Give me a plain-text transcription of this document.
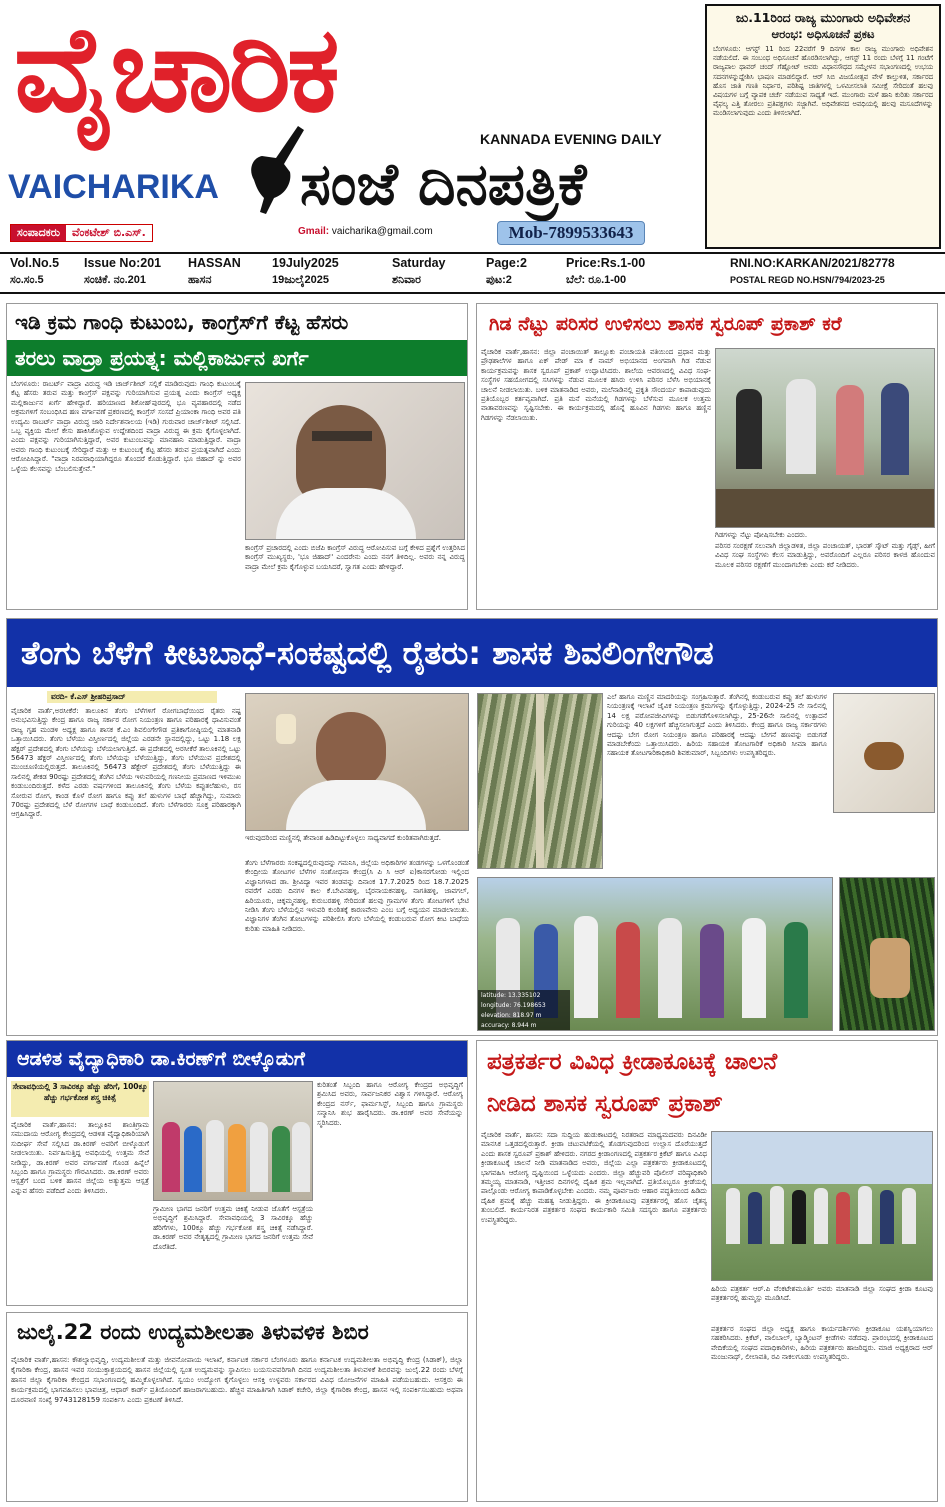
ವೈಚಾರಿಕ
KANNADA EVENING DAILY
VAICHARIKA ಸಂಜೆ ದಿನಪತ್ರಿಕೆ
ಸಂಪಾದಕರು	ವೆಂಕಟೇಶ್ ಬಿ.ಎಸ್.	Gmail: vaicharika@gmail.com	Mob-7899533643
ಜು.11ರಿಂದ ರಾಜ್ಯ ಮುಂಗಾರು ಅಧಿವೇಶನ
ಆರಂಭ: ಅಧಿಸೂಚನೆ ಪ್ರಕಟ
ಬೆಂಗಳೂರು: ಆಗಸ್ಟ್ 11 ರಿಂದ 22ವರೆಗೆ 9 ದಿನಗಳ ಕಾಲ ರಾಜ್ಯ ಮುಂಗಾರು ಅಧಿವೇಶನ ನಡೆಯಲಿದೆ. ಈ ಸಂಬಂಧ ಅಧಿಸೂಚನೆ ಹೊರಡಿಸಲಾಗಿದ್ದು, ಆಗಸ್ಟ್ 11 ರಂದು ಬೆಳಗ್ಗೆ 11 ಗಂಟೆಗೆ ರಾಜ್ಯಪಾಲ ಥಾವರ್ ಚಂದ್ ಗೆಹ್ಲೋಟ್ ಅವರು ವಿಧಾನಸೌಧದ ಸಮ್ಮೇಳನ ಸಭಾಂಗಣದಲ್ಲಿ ಉಭಯ ಸದನಗಳನ್ನುದ್ದೇಶಿಸಿ ಭಾಷಣ ಮಾಡಲಿದ್ದಾರೆ. ಆರ್ ಸಿಬಿ ವಿಜಯೋತ್ಸವ ವೇಳೆ ಕಾಲ್ತುಳಿತ, ಸರ್ಕಾರದ ಹೊಸ ಜಾತಿ ಗಣತಿ ನಿರ್ಧಾರ, ಪರಿಶಿಷ್ಟ ಜಾತಿಗಳಲ್ಲಿ ಒಳಮೀಸಲಾತಿ ಸಮೀಕ್ಷೆ ಸೇರಿದಂತೆ ಹಲವು ವಿಷಯಗಳ ಬಗ್ಗೆ ವ್ಯಾಪಕ ಚರ್ಚೆ ನಡೆಯುವ ಸಾಧ್ಯತೆ ಇದೆ. ಮುಂಗಾರು ಮಳೆ ಹಾನಿ ಕುರಿತು ಸರ್ಕಾರದ ವೈಫಲ್ಯ ಎತ್ತಿ ತೋರಲು ಪ್ರತಿಪಕ್ಷಗಳು ಸಜ್ಜಾಗಿವೆ. ಅಧಿವೇಶನದ ಅವಧಿಯಲ್ಲಿ ಹಲವು ಮಸೂದೆಗಳನ್ನು ಮಂಡಿಸಲಾಗುವುದು ಎಂದು ತಿಳಿಸಲಾಗಿದೆ.
Vol.No.5 Issue No:201 HASSAN 19July2025	Saturday	Page:2	Price:Rs.1-00	RNI.NO:KARKAN/2021/82778
ಸಂ.ಸಂ.5	ಸಂಚಿಕೆ. ನಂ.201	ಹಾಸನ	19ಜುಲೈ2025	ಶನಿವಾರ	ಪುಟ:2	ಬೆಲೆ: ರೂ.1-00	POSTAL REGD NO.HSN/794/2023-25
ಇಡಿ ಕ್ರಮ ಗಾಂಧಿ ಕುಟುಂಬ, ಕಾಂಗ್ರೆಸ್‌ಗೆ ಕೆಟ್ಟ ಹೆಸರು
ತರಲು ವಾದ್ರಾ ಪ್ರಯತ್ನ: ಮಲ್ಲಿಕಾರ್ಜುನ ಖರ್ಗೆ
ಬೆಂಗಳೂರು: ರಾಬರ್ಟ್ ವಾದ್ರಾ ವಿರುದ್ಧ ಇಡಿ ಚಾರ್ಜ್‌ಶೀಟ್ ಸಲ್ಲಿಕೆ ಮಾಡಿರುವುದು ಗಾಂಧಿ ಕುಟುಂಬಕ್ಕೆ ಕೆಟ್ಟ ಹೆಸರು ತರುವ ಮತ್ತು ಕಾಂಗ್ರೆಸ್ ಪಕ್ಷವನ್ನು ಗುರಿಯಾಗಿಸುವ ಪ್ರಯತ್ನ ಎಂದು ಕಾಂಗ್ರೆಸ್ ಅಧ್ಯಕ್ಷ ಮಲ್ಲಿಕಾರ್ಜುನ ಖರ್ಗೆ ಹೇಳಿದ್ದಾರೆ. ಹರಿಯಾಣದ ಶಿಕೋಹ್‌ಪುರದಲ್ಲಿ ಭೂ ವ್ಯವಹಾರದಲ್ಲಿ ನಡೆದ ಅಕ್ರಮಗಳಿಗೆ ಸಂಬಂಧಿಸಿದ ಹಣ ವರ್ಗಾವಣೆ ಪ್ರಕರಣದಲ್ಲಿ ಕಾಂಗ್ರೆಸ್ ಸಂಸದೆ ಪ್ರಿಯಾಂಕಾ ಗಾಂಧಿ ಅವರ ಪತಿ ಉದ್ಯಮಿ ರಾಬರ್ಟ್ ವಾದ್ರಾ ವಿರುದ್ಧ ಜಾರಿ ನಿರ್ದೇಶನಾಲಯ (ಇಡಿ) ಗುರುವಾರ ಚಾರ್ಜ್‌ಶೀಟ್ ಸಲ್ಲಿಸಿದೆ. ಒಬ್ಬ ವ್ಯಕ್ತಿಯ ಮೇಲೆ ಕೇಸು ಹಾಕಿಸಿಕೊಳ್ಳುವ ಉದ್ದೇಶದಿಂದ ವಾದ್ರಾ ವಿರುದ್ಧ ಈ ಕ್ರಮ ಕೈಗೊಳ್ಳಲಾಗಿದೆ. ಎಂದು ಪಕ್ಷವನ್ನು ಗುರಿಯಾಗಿಸುತ್ತಿದ್ದಾರೆ, ಅವರ ಕುಟುಂಬವನ್ನು ಮಾನಹಾನಿ ಮಾಡುತ್ತಿದ್ದಾರೆ. ವಾದ್ರಾ ಅವರು ಗಾಂಧಿ ಕುಟುಂಬಕ್ಕೆ ಸೇರಿದ್ದಾರೆ ಮತ್ತು ಆ ಕುಟುಂಬಕ್ಕೆ ಕೆಟ್ಟ ಹೆಸರು ತರುವ ಪ್ರಯತ್ನವಾಗಿದೆ ಎಂದು ಆರೋಪಿಸಿದ್ದಾರೆ. "ವಾದ್ರಾ ನಿರಪರಾಧಿಯಾಗಿದ್ದರೂ ತೊಂದರೆ ಕೊಡುತ್ತಿದ್ದಾರೆ. ಭೂ ಜಿಹಾದ್ ನ್ನು ಅವರ ಒಳ್ಳೆಯ ಕೆಲಸವನ್ನು ಬೆಂಬಲಿಸುತ್ತೇವೆ."
ಕಾಂಗ್ರೆಸ್ ಪ್ರಚಾರದಲ್ಲಿ ಎಂದು ಬಿಜೆಪಿ ಕಾಂಗ್ರೆಸ್ ವಿರುದ್ಧ ಆರೋಪಿಸುವ ಬಗ್ಗೆ ಕೇಳಿದ ಪ್ರಶ್ನೆಗೆ ಉತ್ತರಿಸಿದ ಕಾಂಗ್ರೆಸ್ ಮುಖ್ಯಸ್ಥರು, 'ಭೂ ಜಿಹಾದ್' ಎಂದರೇನು ಎಂದು ನನಗೆ ತಿಳಿದಿಲ್ಲ. ಅವರು ನನ್ನ ವಿರುದ್ಧ ವಾದ್ರಾ ಮೇಲೆ ಕ್ರಮ ಕೈಗೊಳ್ಳುವ ಬಯಸಿದರೆ, ಸ್ವಾಗತ ಎಂದು ಹೇಳಿದ್ದಾರೆ.
ಗಿಡ ನೆಟ್ಟು ಪರಿಸರ ಉಳಿಸಲು ಶಾಸಕ ಸ್ವರೂಪ್ ಪ್ರಕಾಶ್ ಕರೆ
ವೈಚಾರಿಕ ವಾರ್ತೆ,ಹಾಸನ: ಜಿಲ್ಲಾ ಪಂಚಾಯಿತ್ ತಾಲ್ಲೂಕು ಪಂಚಾಯತಿ ವತಿಯಿಂದ ಪ್ರಧಾನ ಮತ್ತು ಪ್ರೌಢಶಾಲೆಗಳ ಹಾಗೂ ಏಕ್ ಪೇಡ್ ಮಾ ಕೆ ನಾಮ್ ಅಭಿಯಾನದ ಅಂಗವಾಗಿ ಗಿಡ ನೆಡುವ ಕಾರ್ಯಕ್ರಮವನ್ನು ಶಾಸಕ ಸ್ವರೂಪ್ ಪ್ರಕಾಶ್ ಉದ್ಘಾಟಿಸಿದರು. ಶಾಲೆಯ ಆವರಣದಲ್ಲಿ ವಿವಿಧ ಸಂಘ-ಸಂಸ್ಥೆಗಳ ಸಹಯೋಗದಲ್ಲಿ ಸಸಿಗಳನ್ನು ನೆಡುವ ಮೂಲಕ ಹಸಿರು ಉಳಿಸಿ ಪರಿಸರ ಬೆಳೆಸಿ ಅಭಿಯಾನಕ್ಕೆ ಚಾಲನೆ ನೀಡಲಾಯಿತು. ಬಳಿಕ ಮಾತನಾಡಿದ ಅವರು, ಮಲೆನಾಡಿನಲ್ಲಿ ಪ್ರಕೃತಿ ಸೌಂದರ್ಯ ಕಾಪಾಡುವುದು ಪ್ರತಿಯೊಬ್ಬರ ಕರ್ತವ್ಯವಾಗಿದೆ. ಪ್ರತಿ ಮನೆ ಮನೆಯಲ್ಲಿ ಗಿಡಗಳನ್ನು ಬೆಳೆಸುವ ಮೂಲಕ ಉತ್ತಮ ವಾತಾವರಣವನ್ನು ಸೃಷ್ಟಿಸಬೇಕು. ಈ ಕಾರ್ಯಕ್ರಮದಲ್ಲಿ ಹೊನ್ನೆ ಹೂವಿನ ಗಿಡಗಳು ಹಾಗೂ ಹಣ್ಣಿನ ಗಿಡಗಳನ್ನು ನೆಡಲಾಯಿತು.
ಗಿಡಗಳನ್ನು ನೆಟ್ಟು ಪೋಷಿಸಬೇಕು ಎಂದರು.
ಪರಿಸರ ಸಂರಕ್ಷಣೆ ಸಲುವಾಗಿ ಜಿಲ್ಲಾಡಳಿತ, ಜಿಲ್ಲಾ ಪಂಚಾಯತ್, ಭಾರತ್ ಸ್ಕೌಟ್ ಮತ್ತು ಗೈಡ್ಸ್, ಹೀಗೆ ವಿವಿಧ ಸಂಘ ಸಂಸ್ಥೆಗಳು ಕೆಲಸ ಮಾಡುತ್ತಿದ್ದು, ಅವರೊಂದಿಗೆ ಎಲ್ಲರೂ ಪರಿಸರ ಕಾಳಜಿ ಹೊಂದುವ ಮೂಲಕ ಪರಿಸರ ರಕ್ಷಣೆಗೆ ಮುಂದಾಗಬೇಕು ಎಂದು ಕರೆ ನೀಡಿದರು.
ತೆಂಗು ಬೆಳೆಗೆ ಕೀಟಬಾಧೆ-ಸಂಕಷ್ಟದಲ್ಲಿ ರೈತರು: ಶಾಸಕ ಶಿವಲಿಂಗೇಗೌಡ
ವರದಿ- ಕೆ.ಎಸ್ ಶ್ರೀಹರಿಪ್ರಸಾದ್
ವೈಚಾರಿಕ ವಾರ್ತೆ,ಅರಸೀಕೆರೆ: ತಾಲೂಕಿನ ತೆಂಗು ಬೆಳೆಗಳಿಗೆ ರೋಗಬಾಧೆಯಿಂದ ರೈತರು ನಷ್ಟ ಅನುಭವಿಸುತ್ತಿದ್ದು ಕೇಂದ್ರ ಹಾಗೂ ರಾಜ್ಯ ಸರ್ಕಾರ ರೋಗ ನಿಯಂತ್ರಣ ಹಾಗೂ ಪರಿಹಾರಕ್ಕೆ ಧಾವಿಸುವಂತೆ ರಾಜ್ಯ ಗೃಹ ಮಂಡಳಿ ಅಧ್ಯಕ್ಷ ಹಾಗೂ ಶಾಸಕ ಕೆ.ಎಂ ಶಿವಲಿಂಗೇಗೌಡ ಪ್ರತಿಕಾಗೋಷ್ಠಿಯಲ್ಲಿ ಮಾತನಾಡಿ ಒತ್ತಾಯಿಸಿದರು. ತೆಂಗು ಬೆಳೆಯು ವಿಸ್ತೀರ್ಣದಲ್ಲಿ ಜಿಲ್ಲೆಯ ಎರಡನೇ ಸ್ಥಾನದಲ್ಲಿದ್ದು, ಒಟ್ಟು 1.18 ಲಕ್ಷ ಹೆಕ್ಟರ್ ಪ್ರದೇಶದಲ್ಲಿ ತೆಂಗು ಬೆಳೆಯನ್ನು ಬೆಳೆಯಲಾಗುತ್ತಿದೆ. ಈ ಪ್ರದೇಶದಲ್ಲಿ ಅರಸೀಕೆರೆ ತಾಲೂಕಿನಲ್ಲಿ ಒಟ್ಟು 56473 ಹೆಕ್ಟರ್ ವಿಸ್ತೀರ್ಣದಲ್ಲಿ ತೆಂಗು ಬೆಳೆಯನ್ನು ಬೆಳೆಯುತ್ತಿದ್ದು, ತೆಂಗು ಬೆಳೆಯುವ ಪ್ರದೇಶದಲ್ಲಿ ಮುಂಚೂಣಿಯಲ್ಲಿರುತ್ತದೆ. ತಾಲೂಕಿನಲ್ಲಿ 56473 ಹೆಕ್ಟೇರ್ ಪ್ರದೇಶದಲ್ಲಿ ತೆಂಗು ಬೆಳೆಯುತ್ತಿದ್ದು ಈ ಸಾಲಿನಲ್ಲಿ ಶೇಕಡ 90ರಷ್ಟು ಪ್ರದೇಶದಲ್ಲಿ ತೆಂಗಿನ ಬೆಳೆಯ ಇಳುವರಿಯಲ್ಲಿ ಗಣನೀಯ ಪ್ರಮಾಣದ ಇಳಿಮುಖ ಕಂಡುಬಂದಿರುತ್ತದೆ. ಕಳೆದ ಎರಡು ವರ್ಷಗಳಿಂದ ತಾಲೂಕಿನಲ್ಲಿ ತೆಂಗು ಬೆಳೆಯ ಕಪ್ಪುತಲೆಹುಳು, ರಸ ಸೋರುವ ರೋಗ, ಕಾಂಡ ಕೊಳೆ ರೋಗ ಹಾಗೂ ಕಪ್ಪು ತಲೆ ಹುಳುಗಳ ಬಾಧೆ ಹೆಚ್ಚಾಗಿದ್ದು, ಸುಮಾರು 70ರಷ್ಟು ಪ್ರದೇಶದಲ್ಲಿ ಬೆಳೆ ರೋಗಗಳ ಬಾಧೆ ಕಂಡುಬಂದಿದೆ. ತೆಂಗು ಬೆಳೆಗಾರರು ಸೂಕ್ತ ಪರಿಹಾರಕ್ಕಾಗಿ ಆಗ್ರಹಿಸಿದ್ದಾರೆ.
ಇರುವುದರಿಂದ ಮಣ್ಣಿನಲ್ಲಿ ತೇವಾಂಶ ಹಿಡಿದಿಟ್ಟುಕೊಳ್ಳಲು ಸಾಧ್ಯವಾಗದೆ ಕುಂಠಿತವಾಗಿರುತ್ತದೆ.
ತೆಂಗು ಬೆಳೆಗಾರರು ಸಂಕಷ್ಟದಲ್ಲಿರುವುದನ್ನು ಗಮನಿಸಿ, ಜಿಲ್ಲೆಯ ಅಧಿಕಾರಿಗಳ ತಂಡಗಳನ್ನು ಒಳಗೊಂಡಂತೆ ಕೇಂದ್ರೀಯ ತೋಟಗಳ ಬೆಳೆಗಳ ಸಂಶೋಧನಾ ಕೇಂದ್ರ(ಸಿ ಪಿ ಸಿ ಆರ್ ಐ)ಕಾಸರಗೋಡು ಇಲ್ಲಿಂದ ವಿಜ್ಞಾನಿಗಳಾದ ಡಾ. ಶ್ರೀವಿದ್ಯಾ ಇವರ ತಂಡವನ್ನು ದಿನಾಂಕ 17.7.2025 ರಿಂದ 18.7.2025 ರವರೆಗೆ ಎರಡು ದಿನಗಳ ಕಾಲ ಕೆ.ಬೇವಿನಹಳ್ಳಿ, ಬೈರನಾಯಕನಹಳ್ಳಿ, ನಾಗತಿಹಳ್ಳಿ, ಜಾವಗಲ್, ಹಿರಿಯೂರು, ಚಿಕ್ಕಮ್ಮನಹಳ್ಳಿ, ಕುರುಬರಹಳ್ಳಿ ಸೇರಿದಂತೆ ಹಲವು ಗ್ರಾಮಗಳ ತೆಂಗು ತೋಟಗಳಿಗೆ ಭೇಟಿ ನೀಡಿಸಿ ತೆಂಗು ಬೆಳೆಯಲ್ಲಿನ ಇಳುವರಿ ಕುಂಠಿತಕ್ಕೆ ಕಾರಣವೇನು ಎಂಬ ಬಗ್ಗೆ ಅಧ್ಯಯನ ಮಾಡಲಾಯಿತು. ವಿಜ್ಞಾನಿಗಳ ತೆಂಗಿನ ತೋಟಗಳನ್ನು ಪರಿಶೀಲಿಸಿ ತೆಂಗು ಬೆಳೆಯಲ್ಲಿ ಕಂಡುಬರುವ ರೋಗ ಕೀಟ ಬಾಧೆಯ ಕುರಿತು ಮಾಹಿತಿ ನೀಡಿದರು.
ಎಲೆ ಹಾಗೂ ಮಣ್ಣಿನ ಮಾದರಿಯನ್ನು ಸಂಗ್ರಹಿಸುತ್ತಾರೆ. ತೆಂಗಿನಲ್ಲಿ ಕಂಡುಬರುವ ಕಪ್ಪು ತಲೆ ಹುಳುಗಳ ನಿಯಂತ್ರಣಕ್ಕೆ ಇಲಾಖೆ ಜೈವಿಕ ನಿಯಂತ್ರಣ ಕ್ರಮಗಳನ್ನು ಕೈಗೊಳ್ಳುತ್ತಿದ್ದು, 2024-25 ನೇ ಸಾಲಿನಲ್ಲಿ 14 ಲಕ್ಷ ಪರೋಪಜೀವಿಗಳನ್ನು ಬಿಡುಗಡೆಗೊಳಿಸಲಾಗಿದ್ದು, 25-26ನೇ ಸಾಲಿನಲ್ಲಿ ಉತ್ಪಾದನೆ ಗುರಿಯನ್ನು 40 ಲಕ್ಷಗಳಿಗೆ ಹೆಚ್ಚಿಸಲಾಗುತ್ತದೆ ಎಂದು ತಿಳಿಸಿದರು. ಕೇಂದ್ರ ಹಾಗೂ ರಾಜ್ಯ ಸರ್ಕಾರಗಳು ಆದಷ್ಟು ಬೇಗ ರೋಗ ನಿಯಂತ್ರಣ ಹಾಗೂ ಪರಿಹಾರಕ್ಕೆ ಆದಷ್ಟು ಬೇಗನೆ ಹಣವನ್ನು ಬಿಡುಗಡೆ ಮಾಡಬೇಕೆಂದು ಒತ್ತಾಯಿಸಿದರು. ಹಿರಿಯ ಸಹಾಯಕ ತೋಟಗಾರಿಕೆ ಅಧಿಕಾರಿ ಸೀಮಾ ಹಾಗೂ ಸಹಾಯಕ ತೋಟಗಾರಿಕಾಧಿಕಾರಿ ಶಿವಕುಮಾರ್, ಸಿಬ್ಬಂದಿಗಳು ಉಪಸ್ಥಿತರಿದ್ದರು.
latitude: 13.335102
longitude: 76.198653
elevation: 818.97 m
accuracy: 8.944 m
ಆಡಳಿತ ವೈದ್ಯಾಧಿಕಾರಿ ಡಾ.ಕಿರಣ್‌ಗೆ ಬೀಳ್ಕೊಡುಗೆ
ಸೇವಾವಧಿಯಲ್ಲಿ 3 ಸಾವಿರಕ್ಕೂ ಹೆಚ್ಚು ಹೆರಿಗೆ, 100ಕ್ಕೂ ಹೆಚ್ಚು ಗರ್ಭಕೋಶ ಶಸ್ತ್ರ ಚಿಕಿತ್ಸೆ
ವೈಚಾರಿಕ ವಾರ್ತೆ,ಹಾಸನ: ತಾಲ್ಲೂಕಿನ ಶಾಂತಿಗ್ರಾಮ ಸಮುದಾಯ ಆರೋಗ್ಯ ಕೇಂದ್ರದಲ್ಲಿ ಆಡಳಿತ ವೈದ್ಯಾಧಿಕಾರಿಯಾಗಿ ಸುದೀರ್ಘ ಸೇವೆ ಸಲ್ಲಿಸಿದ ಡಾ.ಕಿರಣ್ ಅವರಿಗೆ ಬೀಳ್ಕೊಡುಗೆ ನೀಡಲಾಯಿತು. ನಿರ್ವಹಿಸುತ್ತಿದ್ದ ಅವಧಿಯಲ್ಲಿ ಉತ್ತಮ ಸೇವೆ ನೀಡಿದ್ದು, ಡಾ.ಕಿರಣ್ ಅವರ ವರ್ಗಾವಣೆ ಗೊಂಡ ಹಿನ್ನೆಲೆ ಸಿಬ್ಬಂದಿ ಹಾಗೂ ಗ್ರಾಮಸ್ಥರು ಗೌರವಿಸಿದರು. ಡಾ.ಕಿರಣ್ ಅವರು ಆಸ್ಪತ್ರೆಗೆ ಬಂದ ಬಳಿಕ ಹಾಸನ ಜಿಲ್ಲೆಯ ಅತ್ಯುತ್ತಮ ಆಸ್ಪತ್ರೆ ಎನ್ನುವ ಹೆಸರು ಪಡೆದಿದೆ ಎಂದು ತಿಳಿಸಿದರು.
ಗ್ರಾಮೀಣ ಭಾಗದ ಜನರಿಗೆ ಉತ್ತಮ ಚಿಕಿತ್ಸೆ ನೀಡುವ ಜೊತೆಗೆ ಆಸ್ಪತ್ರೆಯ ಅಭಿವೃದ್ಧಿಗೆ ಶ್ರಮಿಸಿದ್ದಾರೆ. ಸೇವಾವಧಿಯಲ್ಲಿ 3 ಸಾವಿರಕ್ಕೂ ಹೆಚ್ಚು ಹೆರಿಗೆಗಳು, 100ಕ್ಕೂ ಹೆಚ್ಚು ಗರ್ಭಕೋಶ ಶಸ್ತ್ರ ಚಿಕಿತ್ಸೆ ನಡೆಸಿದ್ದಾರೆ. ಡಾ.ಕಿರಣ್ ಅವರ ನೇತೃತ್ವದಲ್ಲಿ ಗ್ರಾಮೀಣ ಭಾಗದ ಜನರಿಗೆ ಉತ್ತಮ ಸೇವೆ ದೊರೆತಿದೆ.
ಕುರಿತಂತೆ ಸಿಬ್ಬಂದಿ ಹಾಗೂ ಆರೋಗ್ಯ ಕೇಂದ್ರದ ಅಭಿವೃದ್ಧಿಗೆ ಶ್ರಮಿಸಿದ ಅವರು, ಸಾರ್ವಜನಿಕರ ವಿಶ್ವಾಸ ಗಳಿಸಿದ್ದಾರೆ. ಆರೋಗ್ಯ ಕೇಂದ್ರದ ನರ್ಸ್, ಫಾರ್ಮಸಿಸ್ಟ್, ಸಿಬ್ಬಂದಿ ಹಾಗೂ ಗ್ರಾಮಸ್ಥರು ಸನ್ಮಾನಿಸಿ ಶುಭ ಹಾರೈಸಿದರು. ಡಾ.ಕಿರಣ್ ಅವರ ಸೇವೆಯನ್ನು ಸ್ಮರಿಸಿದರು.
ಪತ್ರಕರ್ತರ ವಿವಿಧ ಕ್ರೀಡಾಕೂಟಕ್ಕೆ ಚಾಲನೆ
ನೀಡಿದ ಶಾಸಕ ಸ್ವರೂಪ್ ಪ್ರಕಾಶ್
ವೈಚಾರಿಕ ವಾರ್ತೆ, ಹಾಸನ: ಸದಾ ಸುದ್ದಿಯ ಹುಡುಕಾಟದಲ್ಲಿ ನಿರತರಾದ ಮಾಧ್ಯಮದವರು ದಿನವಿಡೀ ಮಾನಸಿಕ ಒತ್ತಡದಲ್ಲಿರುತ್ತಾರೆ. ಕ್ರೀಡಾ ಚಟುವಟಿಕೆಯಲ್ಲಿ ತೊಡಗುವುದರಿಂದ ಉಲ್ಲಾಸ ದೊರೆಯುತ್ತದೆ ಎಂದು ಶಾಸಕ ಸ್ವರೂಪ್ ಪ್ರಕಾಶ್ ಹೇಳಿದರು. ನಗರದ ಕ್ರೀಡಾಂಗಣದಲ್ಲಿ ಪತ್ರಕರ್ತರ ಕ್ರಿಕೆಟ್ ಹಾಗೂ ವಿವಿಧ ಕ್ರೀಡಾಕೂಟಕ್ಕೆ ಚಾಲನೆ ನೀಡಿ ಮಾತನಾಡಿದ ಅವರು, ಜಿಲ್ಲೆಯ ಎಲ್ಲಾ ಪತ್ರಕರ್ತರು ಕ್ರೀಡಾಕೂಟದಲ್ಲಿ ಭಾಗವಹಿಸಿ ಆರೋಗ್ಯ ದೃಷ್ಟಿಯಿಂದ ಒಳ್ಳೆಯದು ಎಂದರು. ಜಿಲ್ಲಾ ಹೆಚ್ಚುವರಿ ಪೊಲೀಸ್ ವರಿಷ್ಠಾಧಿಕಾರಿ ತಮ್ಮಯ್ಯ ಮಾತನಾಡಿ, ಇತ್ತೀಚಿನ ದಿನಗಳಲ್ಲಿ ದೈಹಿಕ ಶ್ರಮ ಇಲ್ಲವಾಗಿದೆ. ಪ್ರತಿಯೊಬ್ಬರೂ ಕ್ರೀಡೆಯಲ್ಲಿ ಪಾಲ್ಗೊಂಡು ಆರೋಗ್ಯ ಕಾಪಾಡಿಕೊಳ್ಳಬೇಕು ಎಂದರು. ನಮ್ಮ ಪೂರ್ವಜರು ಆಹಾರ ಪದ್ಧತಿಯಿಂದ ಹಿಡಿದು ದೈಹಿಕ ಶ್ರಮಕ್ಕೆ ಹೆಚ್ಚು ಮಹತ್ವ ನೀಡುತ್ತಿದ್ದರು. ಈ ಕ್ರೀಡಾಕೂಟವು ಪತ್ರಕರ್ತರಲ್ಲಿ ಹೊಸ ಚೈತನ್ಯ ತುಂಬಲಿದೆ. ಕಾರ್ಯನಿರತ ಪತ್ರಕರ್ತರ ಸಂಘದ ಕಾರ್ಯಕಾರಿ ಸಮಿತಿ ಸದಸ್ಯರು ಹಾಗೂ ಪತ್ರಕರ್ತರು ಉಪಸ್ಥಿತರಿದ್ದರು.
ಹಿರಿಯ ಪತ್ರಕರ್ತ ಆರ್.ಪಿ ವೆಂಕಟೇಶಮೂರ್ತಿ ಅವರು ಮಾತನಾಡಿ ಜಿಲ್ಲಾ ಸಂಘದ ಕ್ರೀಡಾ ಕೂಟವು ಪತ್ರಕರ್ತರಲ್ಲಿ ಹುಮ್ಮಸ್ಸು ಮೂಡಿಸಿದೆ.
ಪತ್ರಕರ್ತರ ಸಂಘದ ಜಿಲ್ಲಾ ಅಧ್ಯಕ್ಷ ಹಾಗೂ ಕಾರ್ಯದರ್ಶಿಗಳು ಕ್ರೀಡಾಕೂಟ ಯಶಸ್ವಿಯಾಗಲು ಸಹಕರಿಸಿದರು. ಕ್ರಿಕೆಟ್, ವಾಲಿಬಾಲ್, ಬ್ಯಾಡ್ಮಿಂಟನ್ ಕ್ರೀಡೆಗಳು ನಡೆದವು. ಪ್ರಾರಂಭದಲ್ಲಿ ಕ್ರೀಡಾಕೂಟದ ವೇದಿಕೆಯಲ್ಲಿ ಸಂಘದ ಪದಾಧಿಕಾರಿಗಳು, ಹಿರಿಯ ಪತ್ರಕರ್ತರು ಹಾಜರಿದ್ದರು. ಮಾಜಿ ಅಧ್ಯಕ್ಷರಾದ ಆರ್ ಮಂಜುನಾಥ್, ಲೀಲಾವತಿ, ರವಿ ನಾಕಲಗೂಡು ಉಪಸ್ಥಿತರಿದ್ದರು.
ಜುಲೈ.22 ರಂದು ಉದ್ಯಮಶೀಲತಾ ತಿಳುವಳಿಕ ಶಿಬಿರ
ವೈಚಾರಿಕ ವಾರ್ತೆ,ಹಾಸನ: ಕೌಶಲ್ಯಾಭಿವೃದ್ಧಿ, ಉದ್ಯಮಶೀಲತೆ ಮತ್ತು ಜೀವನೋಪಾಯ ಇಲಾಖೆ, ಕರ್ನಾಟಕ ಸರ್ಕಾರ ಬೆಂಗಳೂರು ಹಾಗೂ ಕರ್ನಾಟಕ ಉದ್ಯಮಶೀಲತಾ ಅಭಿವೃದ್ಧಿ ಕೇಂದ್ರ (ಸಿಡಾಕ್), ಜಿಲ್ಲಾ ಕೈಗಾರಿಕಾ ಕೇಂದ್ರ, ಹಾಸನ ಇವರ ಸಂಯುಕ್ತಾಶ್ರಯದಲ್ಲಿ ಹಾಸನ ಜಿಲ್ಲೆಯಲ್ಲಿ ಸ್ವಂತ ಉದ್ಯಮವನ್ನು ಸ್ಥಾಪಿಸಲು ಬಯಸುವವರಿಗಾಗಿ ದಿನದ ಉದ್ಯಮಶೀಲತಾ ತಿಳುವಳಿಕೆ ಶಿಬಿರವನ್ನು ಜುಲೈ.22 ರಂದು ಬೆಳಗ್ಗೆ ಹಾಸನ ಜಿಲ್ಲಾ ಕೈಗಾರಿಕಾ ಕೇಂದ್ರದ ಸಭಾಂಗಣದಲ್ಲಿ ಹಮ್ಮಿಕೊಳ್ಳಲಾಗಿದೆ. ಸ್ವಯಂ ಉದ್ಯೋಗ ಕೈಗೊಳ್ಳಲು ಆಸಕ್ತಿ ಉಳ್ಳವರು ಸರ್ಕಾರದ ವಿವಿಧ ಯೋಜನೆಗಳ ಮಾಹಿತಿ ಪಡೆಯಬಹುದು. ಆಸಕ್ತರು ಈ ಕಾರ್ಯಕ್ರಮದಲ್ಲಿ ಭಾಗವಹಿಸಲು ಭಾವಚಿತ್ರ, ಆಧಾರ್ ಕಾರ್ಡ್ ಪ್ರತಿಯೊಂದಿಗೆ ಹಾಜರಾಗಬಹುದು. ಹೆಚ್ಚಿನ ಮಾಹಿತಿಗಾಗಿ ಸಿಡಾಕ್ ಕಚೇರಿ, ಜಿಲ್ಲಾ ಕೈಗಾರಿಕಾ ಕೇಂದ್ರ, ಹಾಸನ ಇಲ್ಲಿ ಸಂಪರ್ಕಿಸಬಹುದು ಅಥವಾ ದೂರವಾಣಿ ಸಂಖ್ಯೆ 9743128159 ಸಂಪರ್ಕಿಸಿ ಎಂದು ಪ್ರಕಟಣೆ ತಿಳಿಸಿದೆ.
